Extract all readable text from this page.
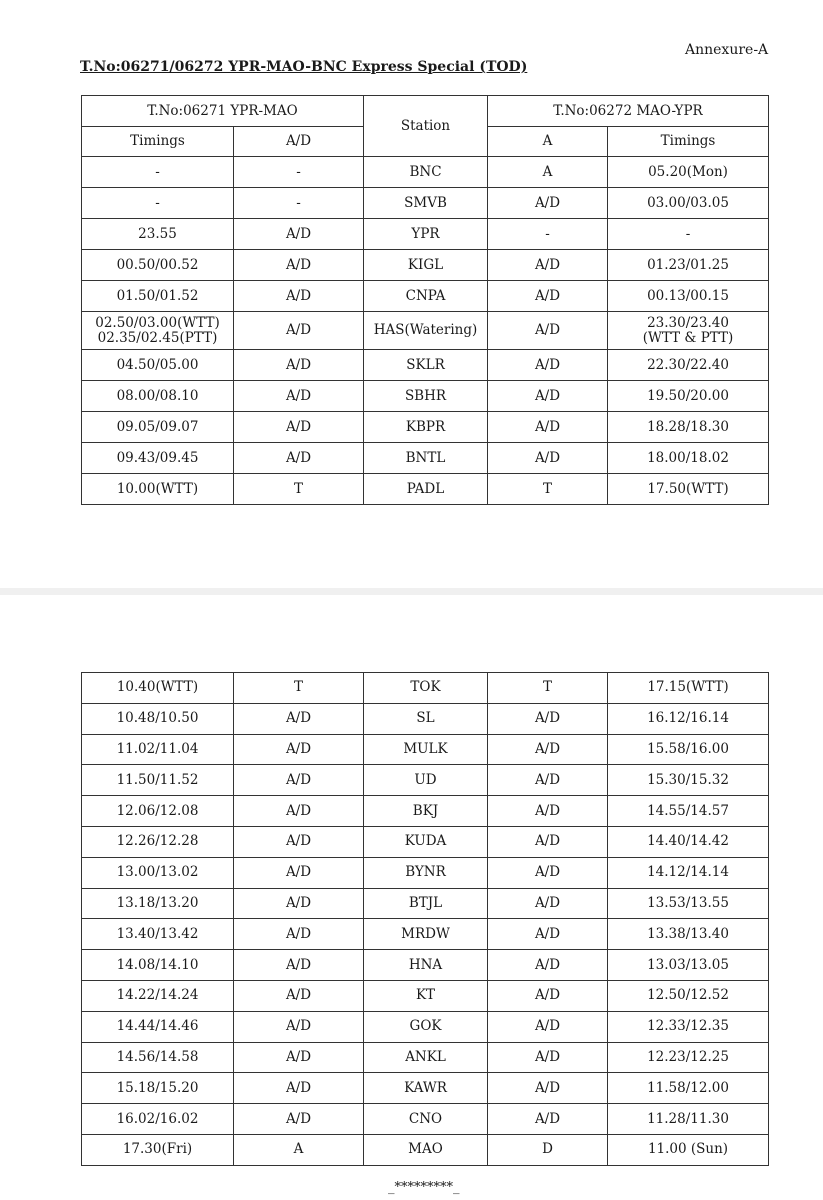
Annexure-A
T.No:06271/06272 YPR-MAO-BNC Express Special (TOD)
T.No:06271 YPR-MAO		Station	T.No:06272 MAO-YPR	
Timings	A/D		A	Timings
-	-	BNC	A	05.20(Mon)
-	-	SMVB	A/D	03.00/03.05
23.55	A/D	YPR	-	-
00.50/00.52	A/D	KIGL	A/D	01.23/01.25
01.50/01.52	A/D	CNPA	A/D	00.13/00.15
02.50/03.00(WTT)
02.35/02.45(PTT)	A/D	HAS(Watering)	A/D	23.30/23.40
(WTT & PTT)
04.50/05.00	A/D	SKLR	A/D	22.30/22.40
08.00/08.10	A/D	SBHR	A/D	19.50/20.00
09.05/09.07	A/D	KBPR	A/D	18.28/18.30
09.43/09.45	A/D	BNTL	A/D	18.00/18.02
10.00(WTT)	T	PADL	T	17.50(WTT)
10.40(WTT)	T	TOK	T	17.15(WTT)
10.48/10.50	A/D	SL	A/D	16.12/16.14
11.02/11.04	A/D	MULK	A/D	15.58/16.00
11.50/11.52	A/D	UD	A/D	15.30/15.32
12.06/12.08	A/D	BKJ	A/D	14.55/14.57
12.26/12.28	A/D	KUDA	A/D	14.40/14.42
13.00/13.02	A/D	BYNR	A/D	14.12/14.14
13.18/13.20	A/D	BTJL	A/D	13.53/13.55
13.40/13.42	A/D	MRDW	A/D	13.38/13.40
14.08/14.10	A/D	HNA	A/D	13.03/13.05
14.22/14.24	A/D	KT	A/D	12.50/12.52
14.44/14.46	A/D	GOK	A/D	12.33/12.35
14.56/14.58	A/D	ANKL	A/D	12.23/12.25
15.18/15.20	A/D	KAWR	A/D	11.58/12.00
16.02/16.02	A/D	CNO	A/D	11.28/11.30
17.30(Fri)	A	MAO	D	11.00 (Sun)
_*********_
